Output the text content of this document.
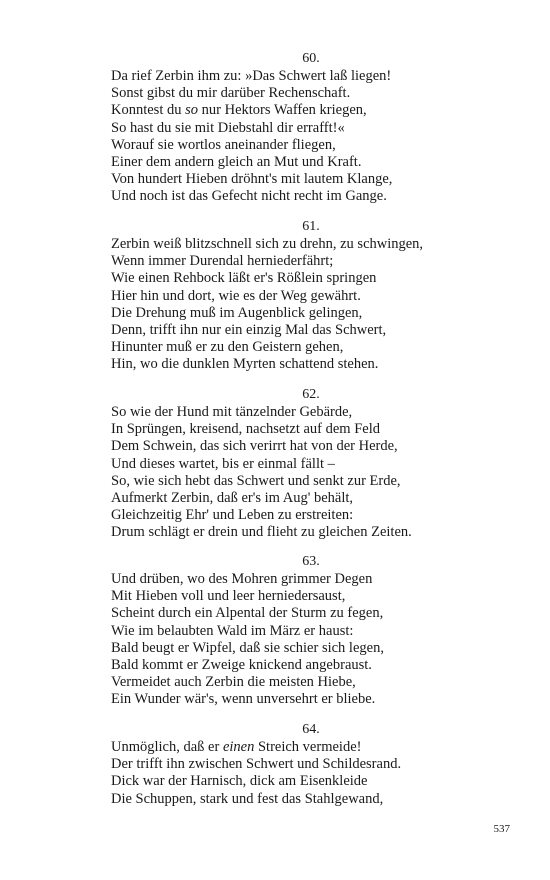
60.
Da rief Zerbin ihm zu: »Das Schwert laß liegen!
Sonst gibst du mir darüber Rechenschaft.
Konntest du so nur Hektors Waffen kriegen,
So hast du sie mit Diebstahl dir errafft!«
Worauf sie wortlos aneinander fliegen,
Einer dem andern gleich an Mut und Kraft.
Von hundert Hieben dröhnt's mit lautem Klange,
Und noch ist das Gefecht nicht recht im Gange.
61.
Zerbin weiß blitzschnell sich zu drehn, zu schwingen,
Wenn immer Durendal herniederfährt;
Wie einen Rehbock läßt er's Rößlein springen
Hier hin und dort, wie es der Weg gewährt.
Die Drehung muß im Augenblick gelingen,
Denn, trifft ihn nur ein einzig Mal das Schwert,
Hinunter muß er zu den Geistern gehen,
Hin, wo die dunklen Myrten schattend stehen.
62.
So wie der Hund mit tänzelnder Gebärde,
In Sprüngen, kreisend, nachsetzt auf dem Feld
Dem Schwein, das sich verirrt hat von der Herde,
Und dieses wartet, bis er einmal fällt –
So, wie sich hebt das Schwert und senkt zur Erde,
Aufmerkt Zerbin, daß er's im Aug' behält,
Gleichzeitig Ehr' und Leben zu erstreiten:
Drum schlägt er drein und flieht zu gleichen Zeiten.
63.
Und drüben, wo des Mohren grimmer Degen
Mit Hieben voll und leer herniedersaust,
Scheint durch ein Alpental der Sturm zu fegen,
Wie im belaubten Wald im März er haust:
Bald beugt er Wipfel, daß sie schier sich legen,
Bald kommt er Zweige knickend angebraust.
Vermeidet auch Zerbin die meisten Hiebe,
Ein Wunder wär's, wenn unversehrt er bliebe.
64.
Unmöglich, daß er einen Streich vermeide!
Der trifft ihn zwischen Schwert und Schildesrand.
Dick war der Harnisch, dick am Eisenkleide
Die Schuppen, stark und fest das Stahlgewand,
537
